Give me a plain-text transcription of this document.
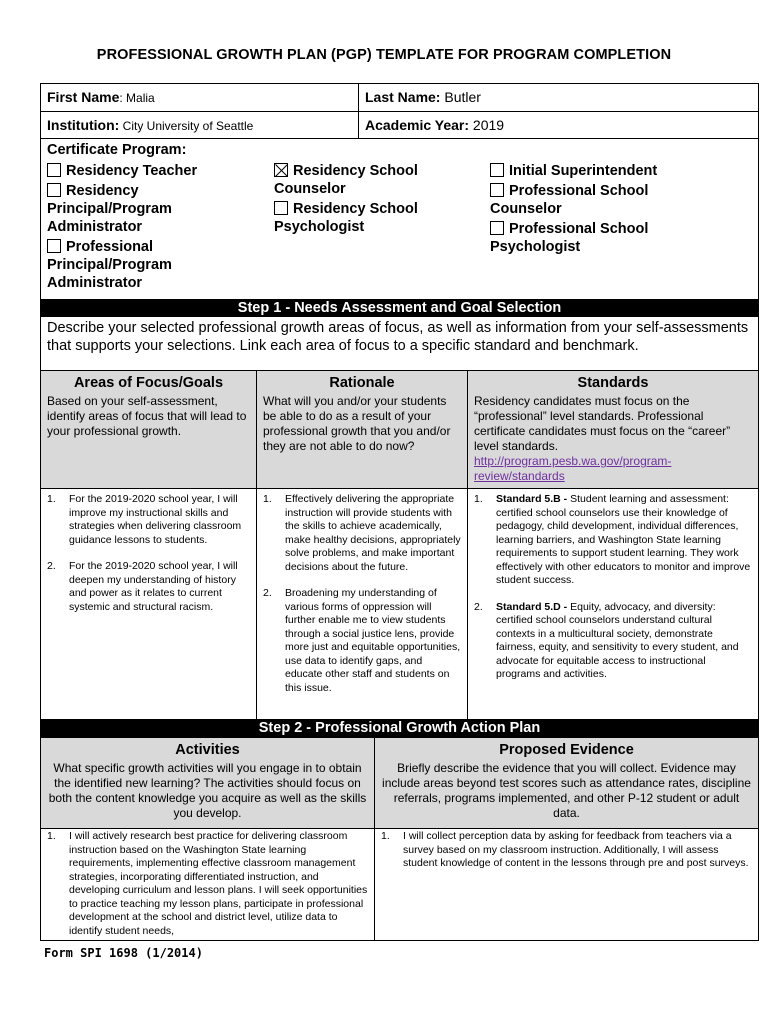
PROFESSIONAL GROWTH PLAN (PGP) TEMPLATE FOR PROGRAM COMPLETION
First Name: Malia	Last Name: Butler
Institution: City University of Seattle	Academic Year: 2019
Certificate Program:
Residency Teacher
Residency Principal/Program Administrator
Professional Principal/Program Administrator
Residency School Counselor
Residency School Psychologist
Initial Superintendent
Professional School Counselor
Professional School Psychologist
Step 1 - Needs Assessment and Goal Selection
Describe your selected professional growth areas of focus, as well as information from your self-assessments that supports your selections. Link each area of focus to a specific standard and benchmark.
Areas of Focus/Goals
Based on your self-assessment, identify areas of focus that will lead to your professional growth.
Rationale
What will you and/or your students be able to do as a result of your professional growth that you and/or they are not able to do now?
Standards
Residency candidates must focus on the “professional” level standards. Professional certificate candidates must focus on the “career” level standards.
http://program.pesb.wa.gov/program-review/standards
1. For the 2019-2020 school year, I will improve my instructional skills and strategies when delivering classroom guidance lessons to students.
2. For the 2019-2020 school year, I will deepen my understanding of history and power as it relates to current systemic and structural racism.
1. Effectively delivering the appropriate instruction will provide students with the skills to achieve academically, make healthy decisions, appropriately solve problems, and make important decisions about the future.
2. Broadening my understanding of various forms of oppression will further enable me to view students through a social justice lens, provide more just and equitable opportunities, use data to identify gaps, and educate other staff and students on this issue.
1. Standard 5.B - Student learning and assessment: certified school counselors use their knowledge of pedagogy, child development, individual differences, learning barriers, and Washington State learning requirements to support student learning. They work effectively with other educators to monitor and improve student success.
2. Standard 5.D - Equity, advocacy, and diversity: certified school counselors understand cultural contexts in a multicultural society, demonstrate fairness, equity, and sensitivity to every student, and advocate for equitable access to instructional programs and activities.
Step 2 - Professional Growth Action Plan
Activities
What specific growth activities will you engage in to obtain the identified new learning? The activities should focus on both the content knowledge you acquire as well as the skills you develop.
Proposed Evidence
Briefly describe the evidence that you will collect. Evidence may include areas beyond test scores such as attendance rates, discipline referrals, programs implemented, and other P-12 student or adult data.
1. I will actively research best practice for delivering classroom instruction based on the Washington State learning requirements, implementing effective classroom management strategies, incorporating differentiated instruction, and developing curriculum and lesson plans. I will seek opportunities to practice teaching my lesson plans, participate in professional development at the school and district level, utilize data to identify student needs,
1. I will collect perception data by asking for feedback from teachers via a survey based on my classroom instruction. Additionally, I will assess student knowledge of content in the lessons through pre and post surveys.
Form SPI 1698 (1/2014)
